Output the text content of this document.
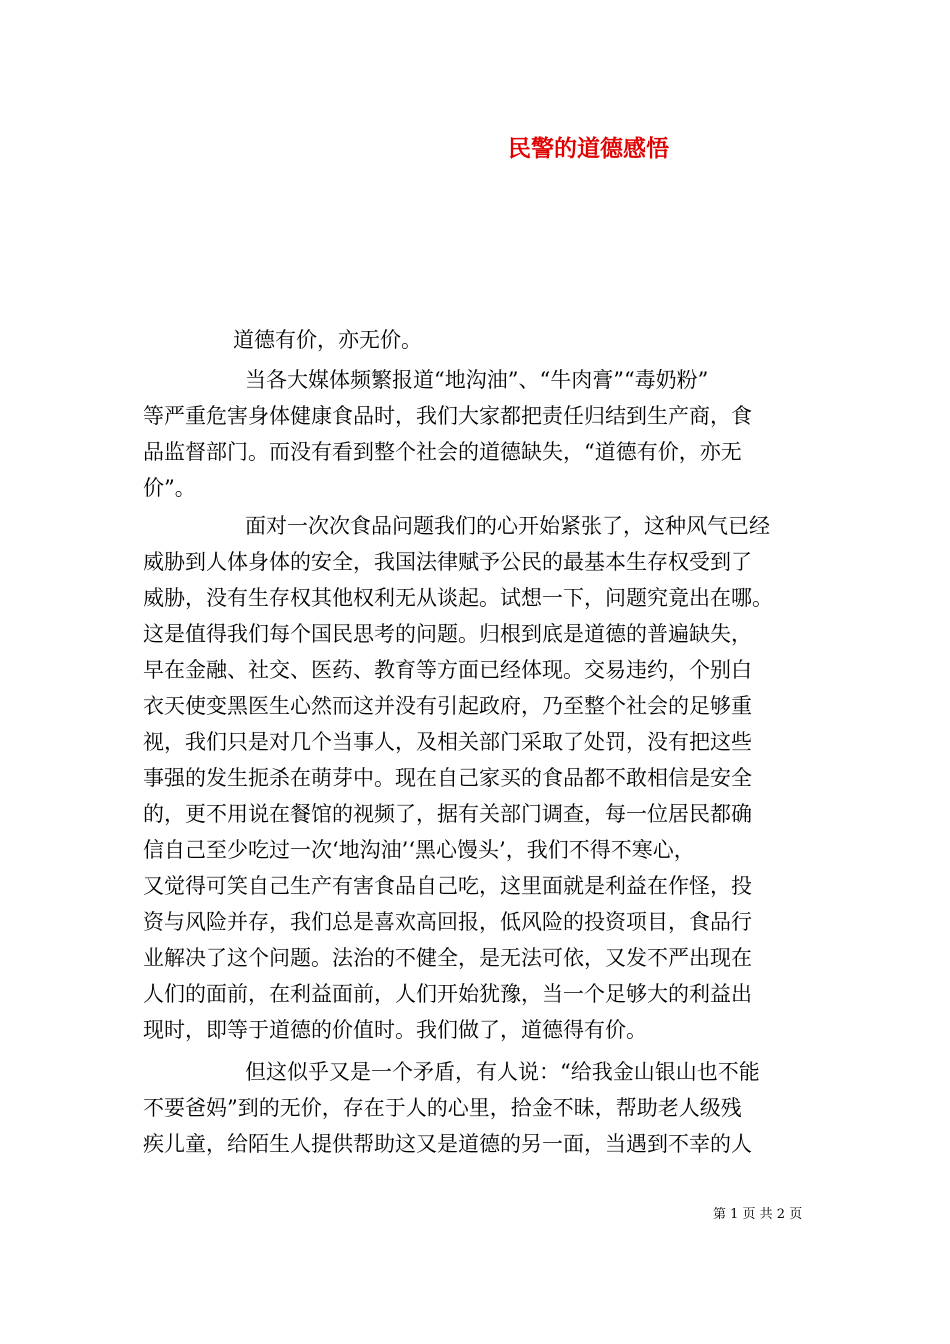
民警的道德感悟
道德有价，亦无价。
当各大媒体频繁报道“地沟油”、“牛肉膏”“毒奶粉”
等严重危害身体健康食品时，我们大家都把责任归结到生产商，食
品监督部门。而没有看到整个社会的道德缺失，“道德有价，亦无
价”。
面对一次次食品问题我们的心开始紧张了，这种风气已经
威胁到人体身体的安全，我国法律赋予公民的最基本生存权受到了
威胁，没有生存权其他权利无从谈起。试想一下，问题究竟出在哪。
这是值得我们每个国民思考的问题。归根到底是道德的普遍缺失，
早在金融、社交、医药、教育等方面已经体现。交易违约，个别白
衣天使变黑医生心然而这并没有引起政府，乃至整个社会的足够重
视，我们只是对几个当事人，及相关部门采取了处罚，没有把这些
事强的发生扼杀在萌芽中。现在自己家买的食品都不敢相信是安全
的，更不用说在餐馆的视频了，据有关部门调查，每一位居民都确
信自己至少吃过一次‘地沟油’‘黑心馒头’，我们不得不寒心，
又觉得可笑自己生产有害食品自己吃，这里面就是利益在作怪，投
资与风险并存，我们总是喜欢高回报，低风险的投资项目，食品行
业解决了这个问题。法治的不健全，是无法可依，又发不严出现在
人们的面前，在利益面前，人们开始犹豫，当一个足够大的利益出
现时，即等于道德的价值时。我们做了，道德得有价。
但这似乎又是一个矛盾，有人说：“给我金山银山也不能
不要爸妈”到的无价，存在于人的心里，拾金不昧，帮助老人级残
疾儿童，给陌生人提供帮助这又是道德的另一面，当遇到不幸的人
第 1 页 共 2 页
